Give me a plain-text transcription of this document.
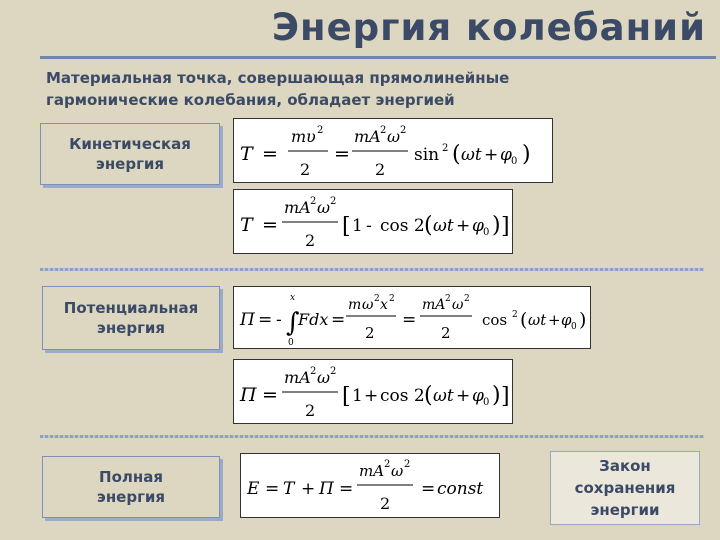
Энергия колебаний
Материальная точка, совершающая прямолинейные гармонические колебания, обладает энергией
Кинетическая
энергия	T =
m υ 2
2
=
mA 2 ω 2
2
sin 2 ( ωt + φ 0 )
T =
mA 2 ω 2
2
[ 1 - cos 2 ( ωt + φ 0 ) ]
Потенциальная
энергия	П = - ∫
x
0
Fdx =
m ω 2 x 2
2
=
mA 2 ω 2
2
cos 2 ( ωt + φ 0 )
П =
mA 2 ω 2
2
[ 1 + cos 2 ( ωt + φ 0 ) ]
Полная
энергия	E = T + П =
mA 2 ω 2
2
= const
Закон
сохранения
энергии
